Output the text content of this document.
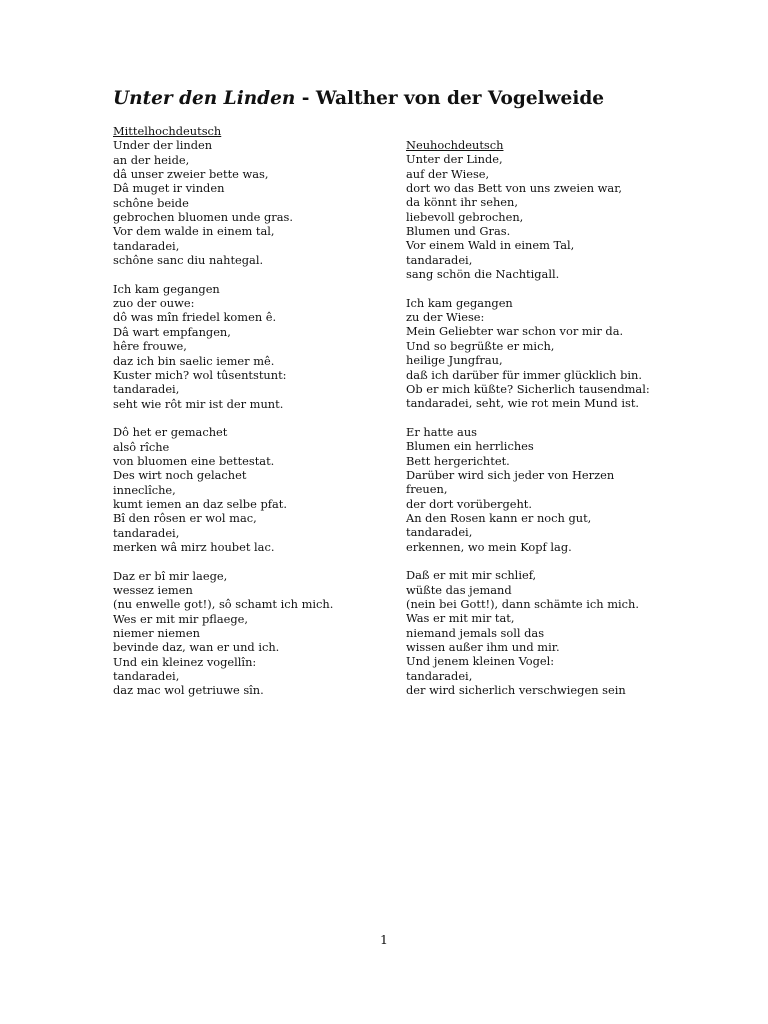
Unter den Linden - Walther von der Vogelweide
Mittelhochdeutsch
Under der linden
an der heide,
dâ unser zweier bette was,
Dâ muget ir vinden
schône beide
gebrochen bluomen unde gras.
Vor dem walde in einem tal,
tandaradei,
schône sanc diu nahtegal.
Ich kam gegangen
zuo der ouwe:
dô was mîn friedel komen ê.
Dâ wart empfangen,
hêre frouwe,
daz ich bin saelic iemer mê.
Kuster mich? wol tûsentstunt:
tandaradei,
seht wie rôt mir ist der munt.
Dô het er gemachet
alsô rîche
von bluomen eine bettestat.
Des wirt noch gelachet
inneclîche,
kumt iemen an daz selbe pfat.
Bî den rôsen er wol mac,
tandaradei,
merken wâ mirz houbet lac.
Daz er bî mir laege,
wessez iemen
(nu enwelle got!), sô schamt ich mich.
Wes er mit mir pflaege,
niemer niemen
bevinde daz, wan er und ich.
Und ein kleinez vogellîn:
tandaradei,
daz mac wol getriuwe sîn.
Neuhochdeutsch
Unter der Linde,
auf der Wiese,
dort wo das Bett von uns zweien war,
da könnt ihr sehen,
liebevoll gebrochen,
Blumen und Gras.
Vor einem Wald in einem Tal,
tandaradei,
sang schön die Nachtigall.
Ich kam gegangen
zu der Wiese:
Mein Geliebter war schon vor mir da.
Und so begrüßte er mich,
heilige Jungfrau,
daß ich darüber für immer glücklich bin.
Ob er mich küßte? Sicherlich tausendmal:
tandaradei, seht, wie rot mein Mund ist.
Er hatte aus
Blumen ein herrliches
Bett hergerichtet.
Darüber wird sich jeder von Herzen
freuen,
der dort vorübergeht.
An den Rosen kann er noch gut,
tandaradei,
erkennen, wo mein Kopf lag.
Daß er mit mir schlief,
wüßte das jemand
(nein bei Gott!), dann schämte ich mich.
Was er mit mir tat,
niemand jemals soll das
wissen außer ihm und mir.
Und jenem kleinen Vogel:
tandaradei,
der wird sicherlich verschwiegen sein
1
